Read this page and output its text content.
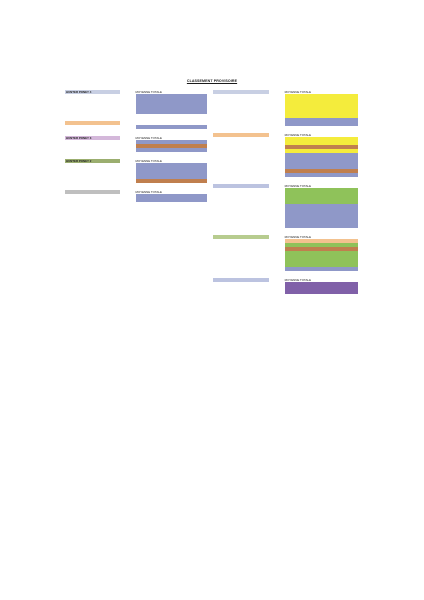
CLASSEMENT PROVISOIRE
HUNTER PONEY 4	MOYENNE TOTALE
HUNTER PONEY 3	MOYENNE TOTALE
HUNTER PONEY 2	MOYENNE TOTALE
MOYENNE TOTALE
MOYENNE TOTALE
MOYENNE TOTALE
MOYENNE TOTALE
MOYENNE TOTALE
MOYENNE TOTALE
